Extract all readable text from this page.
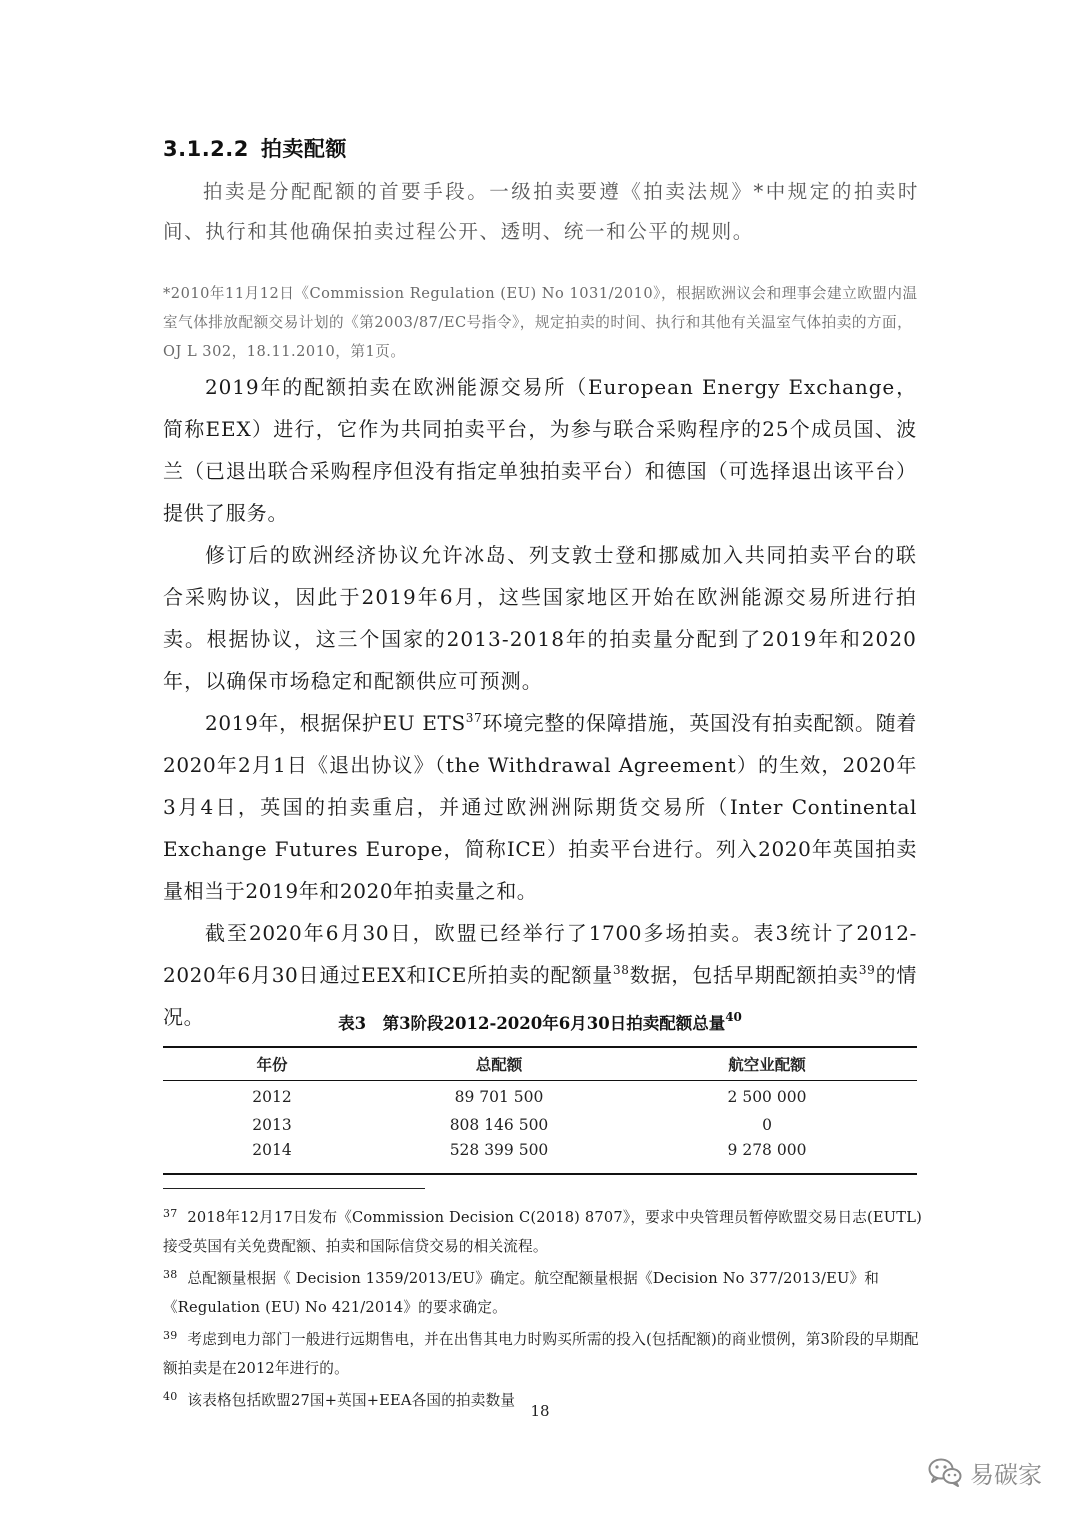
3.1.2.2 拍卖配额
拍卖是分配配额的首要手段。一级拍卖要遵《拍卖法规》*中规定的拍卖时间、执行和其他确保拍卖过程公开、透明、统一和公平的规则。
*2010年11月12日《Commission Regulation (EU) No 1031/2010》，根据欧洲议会和理事会建立欧盟内温室气体排放配额交易计划的《第2003/87/EC号指令》，规定拍卖的时间、执行和其他有关温室气体拍卖的方面，OJ L 302，18.11.2010，第1页。

2019年的配额拍卖在欧洲能源交易所（European Energy Exchange，简称EEX）进行，它作为共同拍卖平台，为参与联合采购程序的25个成员国、波兰（已退出联合采购程序但没有指定单独拍卖平台）和德国（可选择退出该平台）提供了服务。

修订后的欧洲经济协议允许冰岛、列支敦士登和挪威加入共同拍卖平台的联合采购协议，因此于2019年6月，这些国家地区开始在欧洲能源交易所进行拍卖。根据协议，这三个国家的2013-2018年的拍卖量分配到了2019年和2020年，以确保市场稳定和配额供应可预测。

2019年，根据保护EU ETS$^{37}$环境完整的保障措施，英国没有拍卖配额。随着2020年2月1日《退出协议》（the Withdrawal Agreement）的生效，2020年3月4日，英国的拍卖重启，并通过欧洲洲际期货交易所（Inter Continental Exchange Futures Europe，简称ICE）拍卖平台进行。列入2020年英国拍卖量相当于2019年和2020年拍卖量之和。

截至2020年6月30日，欧盟已经举行了1700多场拍卖。表3统计了2012-2020年6月30日通过EEX和ICE所拍卖的配额量$^{38}$数据，包括早期配额拍卖$^{39}$的情况。	表3　第3阶段2012-2020年6月30日拍卖配额总量$^{40}$
年份	总配额	航空业配额
2012	89 701 500	2 500 000
2013	808 146 500	0
2014	528 399 500	9 278 000

$^{37}$ 2018年12月17日发布《Commission Decision C(2018) 8707》，要求中央管理员暂停欧盟交易日志(EUTL)接受英国有关免费配额、拍卖和国际信贷交易的相关流程。

$^{38}$ 总配额量根据《 Decision 1359/2013/EU》确定。航空配额量根据《Decision No 377/2013/EU》和《Regulation (EU) No 421/2014》的要求确定。

$^{39}$ 考虑到电力部门一般进行远期售电，并在出售其电力时购买所需的投入(包括配额)的商业惯例，第3阶段的早期配额拍卖是在2012年进行的。

$^{40}$ 该表格包括欧盟27国+英国+EEA各国的拍卖数量

18
易碳家
